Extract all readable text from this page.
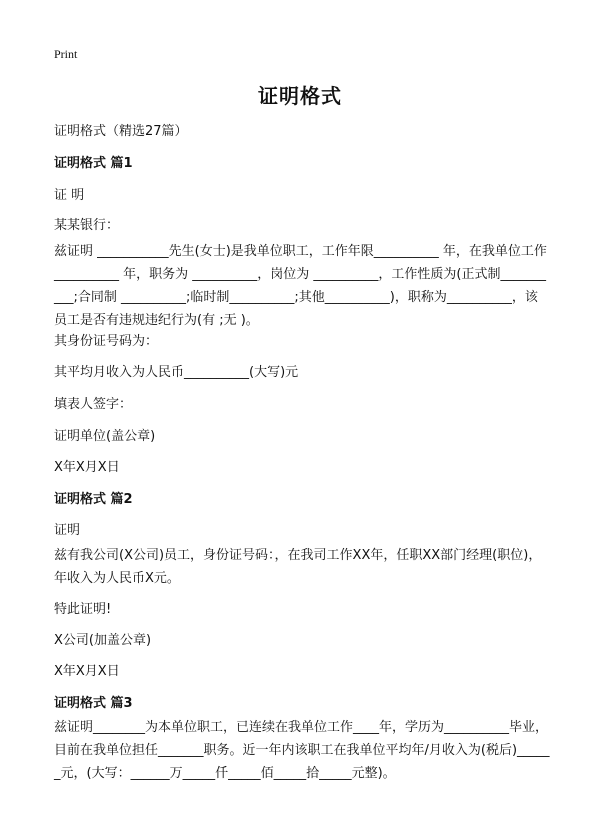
Print
证明格式
证明格式（精选27篇）
证明格式 篇1
证 明
某某银行：
兹证明 ___________先生(女士)是我单位职工，工作年限__________ 年，在我单位工作 __________ 年，职务为 __________，岗位为 __________，工作性质为(正式制__________;合同制 __________;临时制__________;其他__________)，职称为__________，该员工是否有违规违纪行为(有 ;无 )。
其身份证号码为：
其平均月收入为人民币__________(大写)元
填表人签字：
证明单位(盖公章)
X年X月X日
证明格式 篇2
证明
兹有我公司(X公司)员工，身份证号码：，在我司工作XX年，任职XX部门经理(职位)，年收入为人民币X元。
特此证明!
X公司(加盖公章)
X年X月X日
证明格式 篇3
兹证明________为本单位职工，已连续在我单位工作____年，学历为__________毕业，目前在我单位担任_______职务。近一年内该职工在我单位平均年/月收入为(税后)______元，(大写：______万_____仟_____佰_____拾_____元整)。
